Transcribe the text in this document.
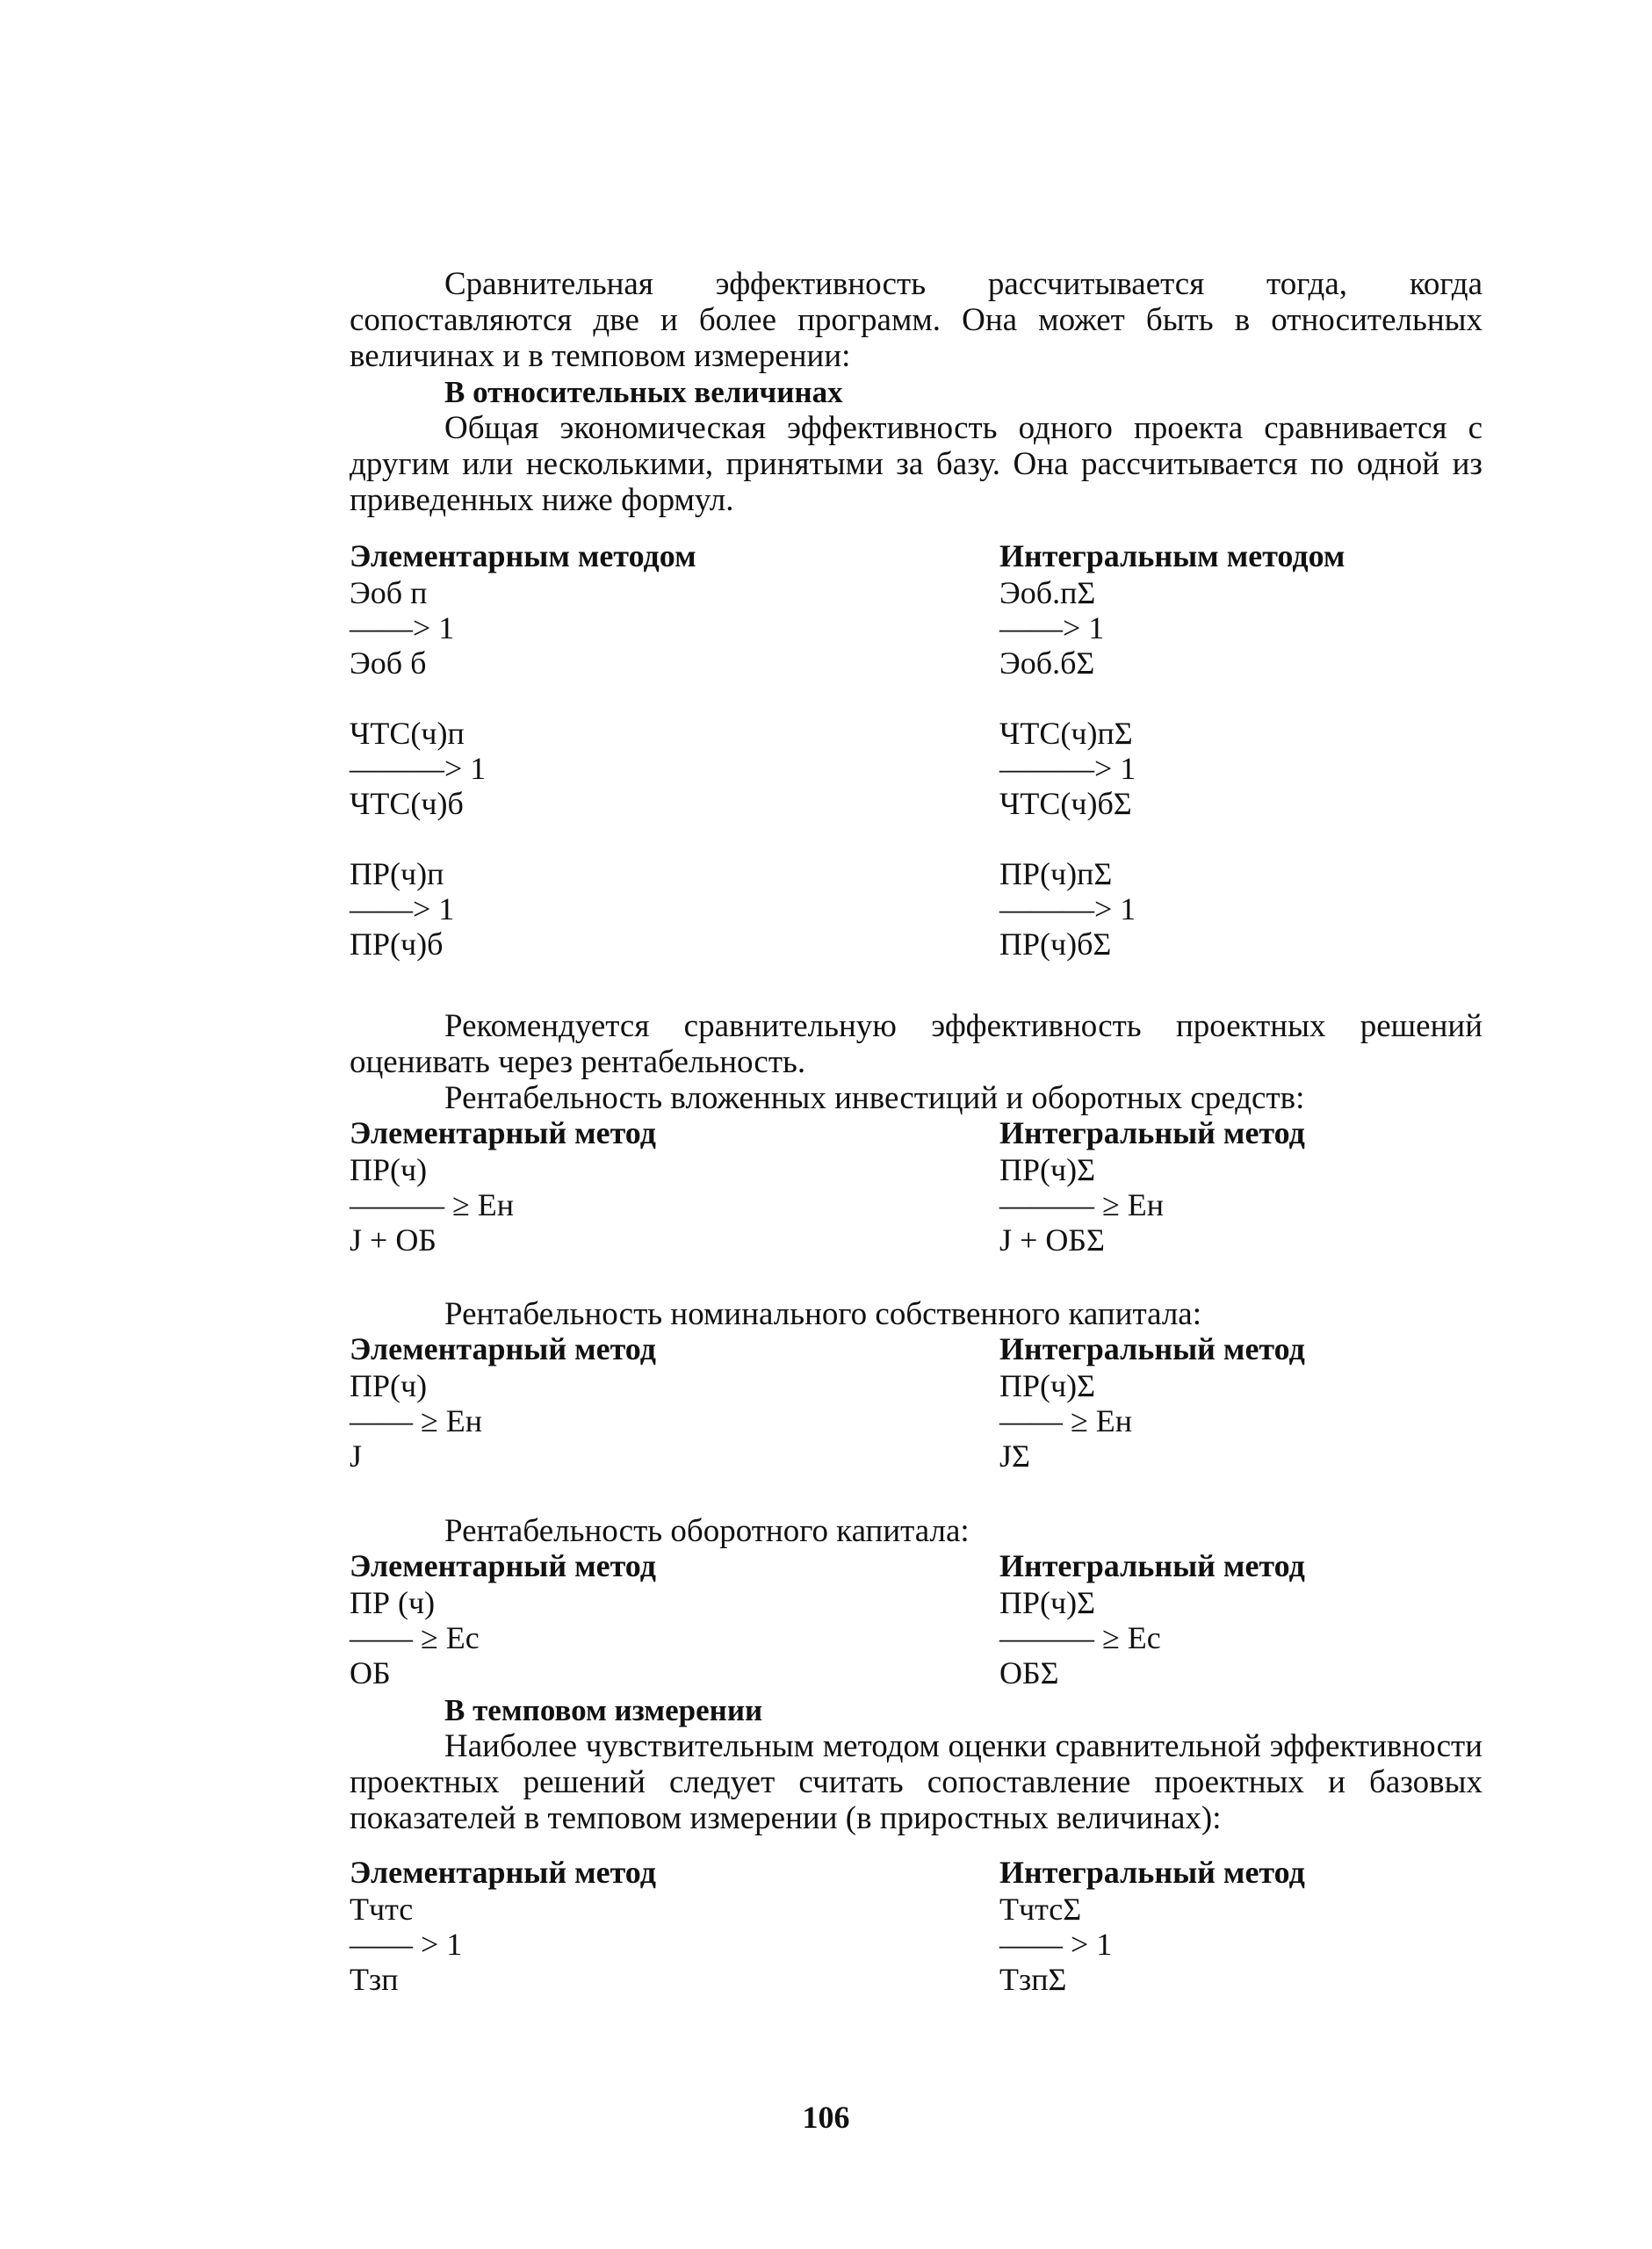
Сравнительная эффективность рассчитывается тогда, когда сопоставляются две и более программ. Она может быть в относительных величинах и в темповом измерении:

В относительных величинах

Общая экономическая эффективность одного проекта сравнивается с другим или несколькими, принятыми за базу. Она рассчитывается по одной из приведенных ниже формул.

Элементарным методом
Эоб п
——> 1
Эоб б
ЧТС(ч)п
———> 1
ЧТС(ч)б
ПР(ч)п
——> 1
ПР(ч)б
Интегральным методом
Эоб.пΣ
——> 1
Эоб.бΣ
ЧТС(ч)пΣ
———> 1
ЧТС(ч)бΣ
ПР(ч)пΣ
———> 1
ПР(ч)бΣ

Рекомендуется сравнительную эффективность проектных решений оценивать через рентабельность.

Рентабельность вложенных инвестиций и оборотных средств:
Элементарный метод
ПР(ч)
——— ≥ Ен
J + ОБ
Интегральный метод
ПР(ч)Σ
——— ≥ Ен
J + ОБΣ
Рентабельность номинального собственного капитала:
Элементарный метод
ПР(ч)
—— ≥ Ен
J
Интегральный метод
ПР(ч)Σ
—— ≥ Ен
JΣ
Рентабельность оборотного капитала:
Элементарный метод
ПР (ч)
—— ≥ Ес
ОБ
Интегральный метод
ПР(ч)Σ
——— ≥ Ес
ОБΣ

В темповом измерении

Наиболее чувствительным методом оценки сравнительной эффективности проектных решений следует считать сопоставление проектных и базовых показателей в темповом измерении (в приростных величинах):

Элементарный метод
Тчтс
—— > 1
Тзп
Интегральный метод
ТчтсΣ
—— > 1
ТзпΣ
106
